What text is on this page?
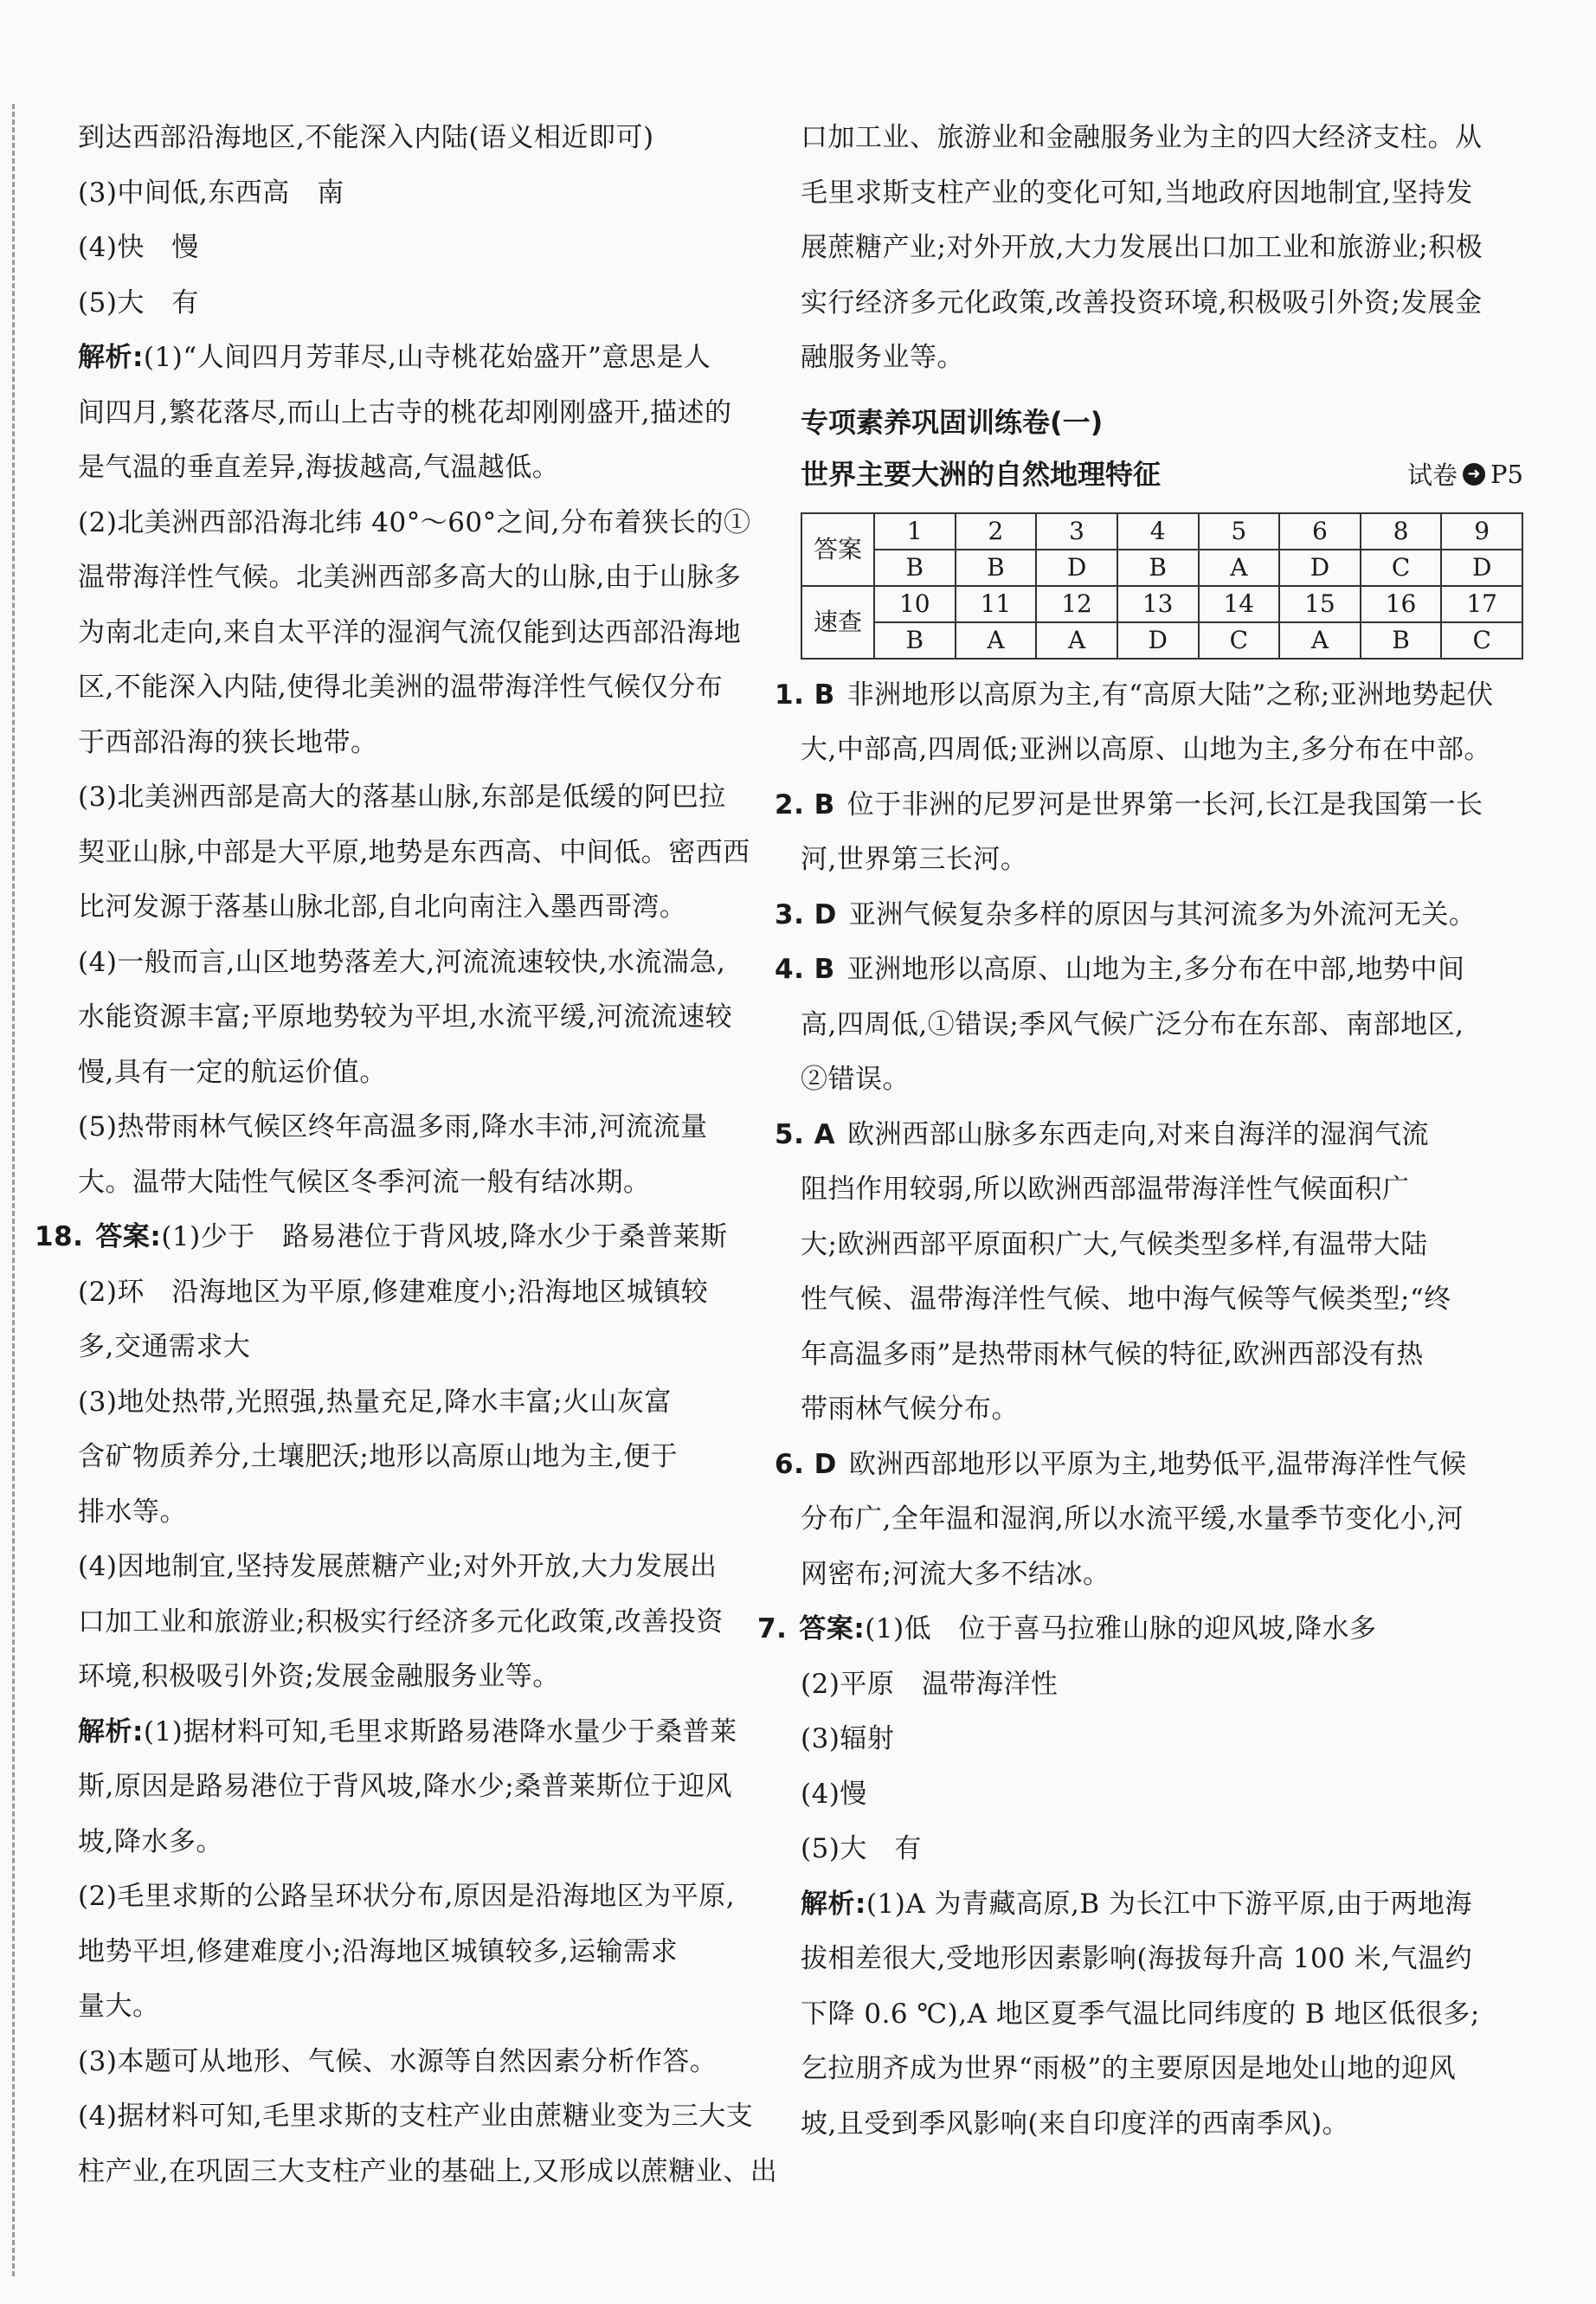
到达西部沿海地区,不能深入内陆(语义相近即可)

(3)中间低,东西高　南

(4)快　慢

(5)大　有

解析:(1)“人间四月芳菲尽,山寺桃花始盛开”意思是人

间四月,繁花落尽,而山上古寺的桃花却刚刚盛开,描述的

是气温的垂直差异,海拔越高,气温越低。

(2)北美洲西部沿海北纬 40°～60°之间,分布着狭长的①

温带海洋性气候。北美洲西部多高大的山脉,由于山脉多

为南北走向,来自太平洋的湿润气流仅能到达西部沿海地

区,不能深入内陆,使得北美洲的温带海洋性气候仅分布

于西部沿海的狭长地带。

(3)北美洲西部是高大的落基山脉,东部是低缓的阿巴拉

契亚山脉,中部是大平原,地势是东西高、中间低。密西西

比河发源于落基山脉北部,自北向南注入墨西哥湾。

(4)一般而言,山区地势落差大,河流流速较快,水流湍急,

水能资源丰富;平原地势较为平坦,水流平缓,河流流速较

慢,具有一定的航运价值。

(5)热带雨林气候区终年高温多雨,降水丰沛,河流流量

大。温带大陆性气候区冬季河流一般有结冰期。

18. 答案:(1)少于　路易港位于背风坡,降水少于桑普莱斯

(2)环　沿海地区为平原,修建难度小;沿海地区城镇较

多,交通需求大

(3)地处热带,光照强,热量充足,降水丰富;火山灰富

含矿物质养分,土壤肥沃;地形以高原山地为主,便于

排水等。

(4)因地制宜,坚持发展蔗糖产业;对外开放,大力发展出

口加工业和旅游业;积极实行经济多元化政策,改善投资

环境,积极吸引外资;发展金融服务业等。

解析:(1)据材料可知,毛里求斯路易港降水量少于桑普莱

斯,原因是路易港位于背风坡,降水少;桑普莱斯位于迎风

坡,降水多。

(2)毛里求斯的公路呈环状分布,原因是沿海地区为平原,

地势平坦,修建难度小;沿海地区城镇较多,运输需求

量大。

(3)本题可从地形、气候、水源等自然因素分析作答。

(4)据材料可知,毛里求斯的支柱产业由蔗糖业变为三大支

柱产业,在巩固三大支柱产业的基础上,又形成以蔗糖业、出

口加工业、旅游业和金融服务业为主的四大经济支柱。从

毛里求斯支柱产业的变化可知,当地政府因地制宜,坚持发

展蔗糖产业;对外开放,大力发展出口加工业和旅游业;积极

实行经济多元化政策,改善投资环境,积极吸引外资;发展金

融服务业等。

专项素养巩固训练卷(一)

世界主要大洲的自然地理特征	试卷 ➜ P5
答案	1	2	3	4	5	6	8	9
	B	B	D	B	A	D	C	D
速查	10	11	12	13	14	15	16	17
	B	A	A	D	C	A	B	C

1. B 非洲地形以高原为主,有“高原大陆”之称;亚洲地势起伏

大,中部高,四周低;亚洲以高原、山地为主,多分布在中部。

2. B 位于非洲的尼罗河是世界第一长河,长江是我国第一长

河,世界第三长河。

3. D 亚洲气候复杂多样的原因与其河流多为外流河无关。

4. B 亚洲地形以高原、山地为主,多分布在中部,地势中间

高,四周低,①错误;季风气候广泛分布在东部、南部地区,

②错误。

5. A 欧洲西部山脉多东西走向,对来自海洋的湿润气流

阻挡作用较弱,所以欧洲西部温带海洋性气候面积广

大;欧洲西部平原面积广大,气候类型多样,有温带大陆

性气候、温带海洋性气候、地中海气候等气候类型;“终

年高温多雨”是热带雨林气候的特征,欧洲西部没有热

带雨林气候分布。

6. D 欧洲西部地形以平原为主,地势低平,温带海洋性气候

分布广,全年温和湿润,所以水流平缓,水量季节变化小,河

网密布;河流大多不结冰。

7. 答案:(1)低　位于喜马拉雅山脉的迎风坡,降水多

(2)平原　温带海洋性

(3)辐射

(4)慢

(5)大　有

解析:(1)A 为青藏高原,B 为长江中下游平原,由于两地海

拔相差很大,受地形因素影响(海拔每升高 100 米,气温约

下降 0.6 ℃),A 地区夏季气温比同纬度的 B 地区低很多;

乞拉朋齐成为世界“雨极”的主要原因是地处山地的迎风

坡,且受到季风影响(来自印度洋的西南季风)。
